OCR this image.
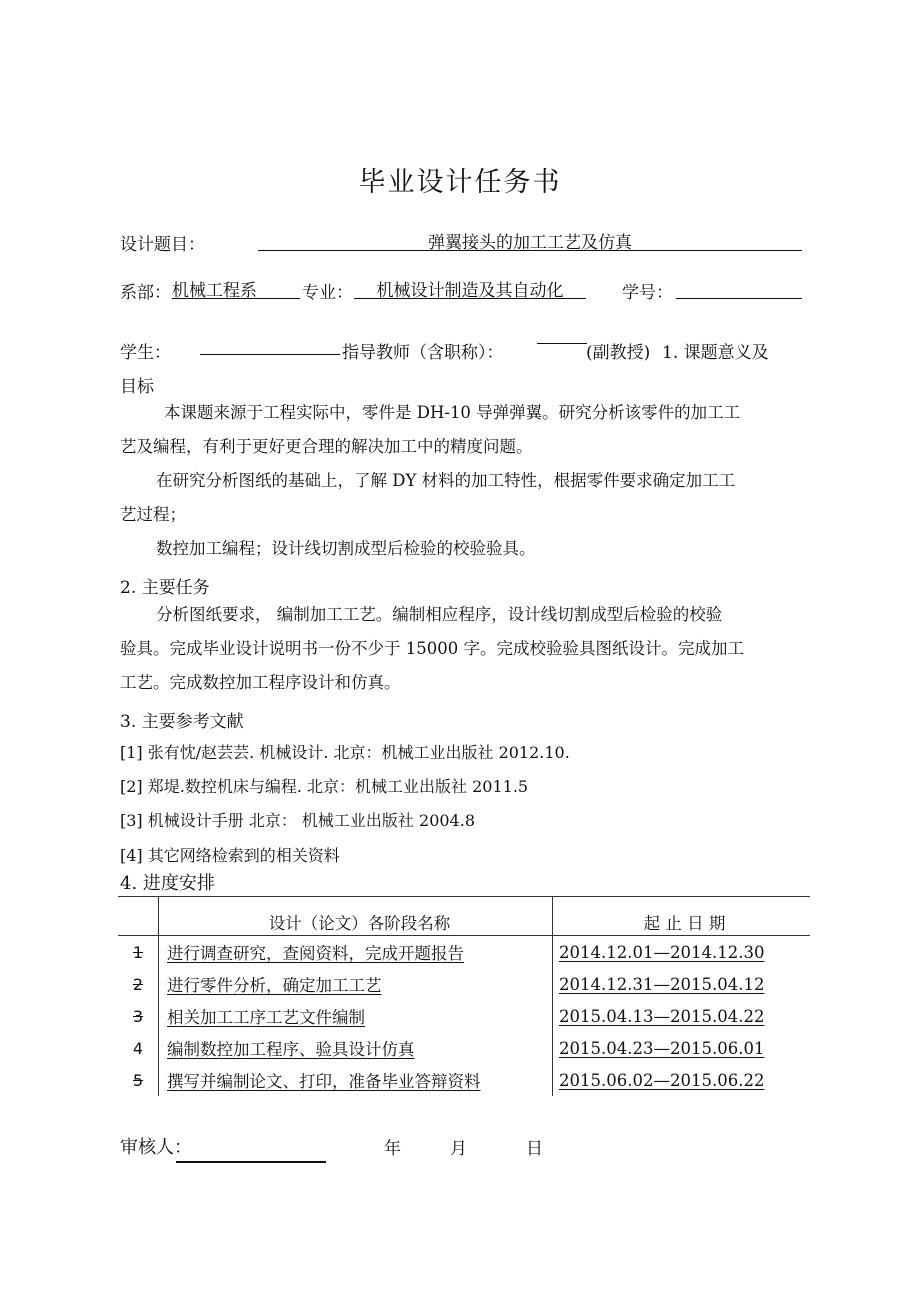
毕业设计任务书
设计题目：	弹翼接头的加工工艺及仿真
系部： 机械工程系	专业：	机械设计制造及其自动化	学号：
学生：	指导教师（含职称）：	(副教授) 1. 课题意义及
目标
本课题来源于工程实际中，零件是 DH-10 导弹弹翼。研究分析该零件的加工工
艺及编程，有利于更好更合理的解决加工中的精度问题。
在研究分析图纸的基础上，了解 DY 材料的加工特性，根据零件要求确定加工工
艺过程；
数控加工编程；设计线切割成型后检验的校验验具。
2. 主要任务
分析图纸要求， 编制加工工艺。编制相应程序，设计线切割成型后检验的校验
验具。完成毕业设计说明书一份不少于 15000 字。完成校验验具图纸设计。完成加工
工艺。完成数控加工程序设计和仿真。
3. 主要参考文献
[1] 张有忱/赵芸芸. 机械设计. 北京：机械工业出版社 2012.10.
[2] 郑堤.数控机床与编程. 北京：机械工业出版社 2011.5
[3] 机械设计手册 北京： 机械工业出版社 2004.8
[4] 其它网络检索到的相关资料
4. 进度安排

	设计（论文）各阶段名称	起 止 日 期

1	进行调查研究，查阅资料，完成开题报告	2014.12.01—2014.12.30
2	进行零件分析，确定加工工艺	2014.12.31—2015.04.12
3	相关加工工序工艺文件编制	2015.04.13—2015.04.22
4	编制数控加工程序、验具设计仿真	2015.04.23—2015.06.01
5	撰写并编制论文、打印，准备毕业答辩资料	2015.06.02—2015.06.22
审核人：	年	月	日
